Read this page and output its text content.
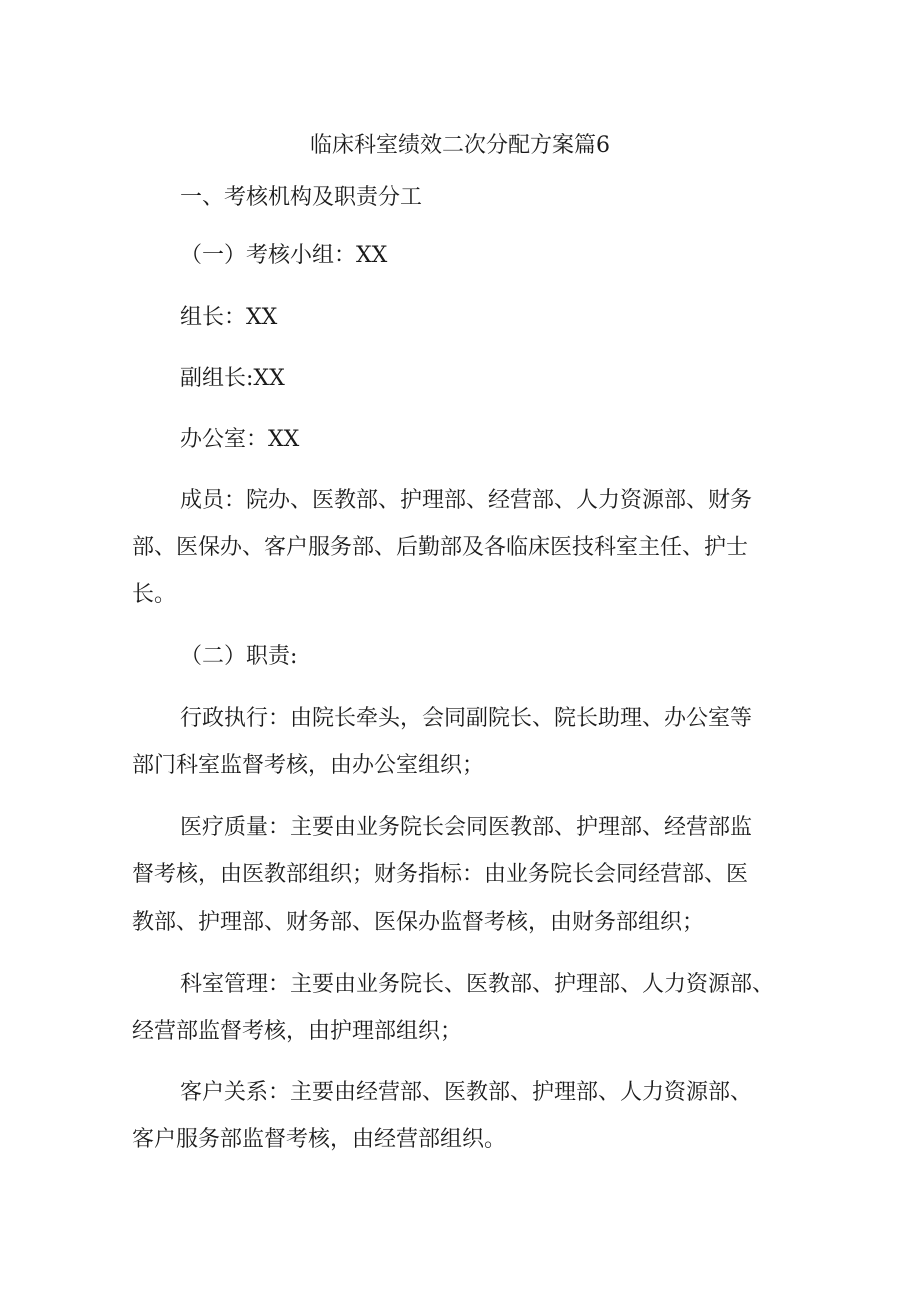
临床科室绩效二次分配方案篇6
一、考核机构及职责分工
（一）考核小组：XX
组长：XX
副组长:XX
办公室：XX
成员：院办、医教部、护理部、经营部、人力资源部、财务
部、医保办、客户服务部、后勤部及各临床医技科室主任、护士
长。
（二）职责:
行政执行：由院长牵头，会同副院长、院长助理、办公室等
部门科室监督考核，由办公室组织；
医疗质量：主要由业务院长会同医教部、护理部、经营部监
督考核，由医教部组织；财务指标：由业务院长会同经营部、医
教部、护理部、财务部、医保办监督考核，由财务部组织；
科室管理：主要由业务院长、医教部、护理部、人力资源部、
经营部监督考核，由护理部组织；
客户关系：主要由经营部、医教部、护理部、人力资源部、
客户服务部监督考核，由经营部组织。
